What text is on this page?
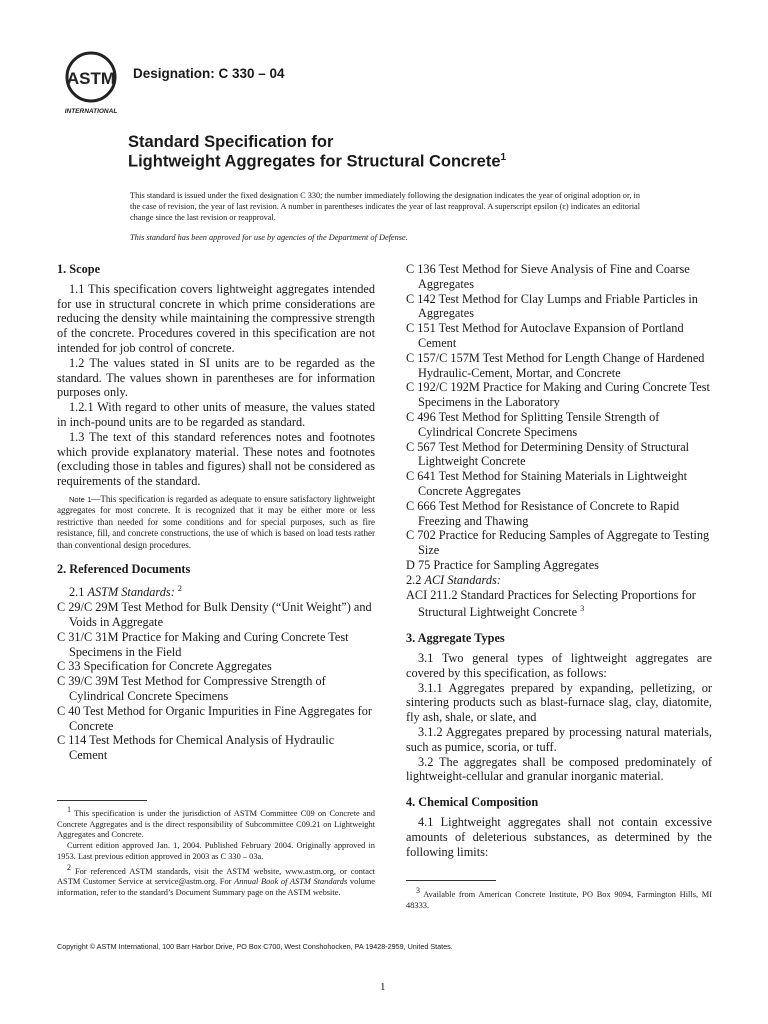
ASTM
INTERNATIONAL
Designation: C 330 – 04
Standard Specification for
Lightweight Aggregates for Structural Concrete$^1$
This standard is issued under the fixed designation C 330; the number immediately following the designation indicates the year of original adoption or, in the case of revision, the year of last revision. A number in parentheses indicates the year of last reapproval. A superscript epsilon (ε) indicates an editorial change since the last revision or reapproval.
This standard has been approved for use by agencies of the Department of Defense.
1. Scope

1.1 This specification covers lightweight aggregates intended for use in structural concrete in which prime considerations are reducing the density while maintaining the compressive strength of the concrete. Procedures covered in this specification are not intended for job control of concrete.

1.2 The values stated in SI units are to be regarded as the standard. The values shown in parentheses are for information purposes only.

1.2.1 With regard to other units of measure, the values stated in inch-pound units are to be regarded as standard.

1.3 The text of this standard references notes and footnotes which provide explanatory material. These notes and footnotes (excluding those in tables and figures) shall not be considered as requirements of the standard.

Note 1—This specification is regarded as adequate to ensure satisfactory lightweight aggregates for most concrete. It is recognized that it may be either more or less restrictive than needed for some conditions and for special purposes, such as fire resistance, fill, and concrete constructions, the use of which is based on load tests rather than conventional design procedures.

2. Referenced Documents

2.1 ASTM Standards: $^2$

C 29/C 29M Test Method for Bulk Density (“Unit Weight”) and Voids in Aggregate

C 31/C 31M Practice for Making and Curing Concrete Test Specimens in the Field

C 33 Specification for Concrete Aggregates

C 39/C 39M Test Method for Compressive Strength of Cylindrical Concrete Specimens

C 40 Test Method for Organic Impurities in Fine Aggregates for Concrete

C 114 Test Methods for Chemical Analysis of Hydraulic Cement

$^1$ This specification is under the jurisdiction of ASTM Committee C09 on Concrete and Concrete Aggregates and is the direct responsibility of Subcommittee C09.21 on Lightweight Aggregates and Concrete.

Current edition approved Jan. 1, 2004. Published February 2004. Originally approved in 1953. Last previous edition approved in 2003 as C 330 – 03a.

$^2$ For referenced ASTM standards, visit the ASTM website, www.astm.org, or contact ASTM Customer Service at service@astm.org. For Annual Book of ASTM Standards volume information, refer to the standard’s Document Summary page on the ASTM website.

C 136 Test Method for Sieve Analysis of Fine and Coarse Aggregates

C 142 Test Method for Clay Lumps and Friable Particles in Aggregates

C 151 Test Method for Autoclave Expansion of Portland Cement

C 157/C 157M Test Method for Length Change of Hardened Hydraulic-Cement, Mortar, and Concrete

C 192/C 192M Practice for Making and Curing Concrete Test Specimens in the Laboratory

C 496 Test Method for Splitting Tensile Strength of Cylindrical Concrete Specimens

C 567 Test Method for Determining Density of Structural Lightweight Concrete

C 641 Test Method for Staining Materials in Lightweight Concrete Aggregates

C 666 Test Method for Resistance of Concrete to Rapid Freezing and Thawing

C 702 Practice for Reducing Samples of Aggregate to Testing Size

D 75 Practice for Sampling Aggregates

2.2 ACI Standards:

ACI 211.2 Standard Practices for Selecting Proportions for Structural Lightweight Concrete $^3$

3. Aggregate Types

3.1 Two general types of lightweight aggregates are covered by this specification, as follows:

3.1.1 Aggregates prepared by expanding, pelletizing, or sintering products such as blast-furnace slag, clay, diatomite, fly ash, shale, or slate, and

3.1.2 Aggregates prepared by processing natural materials, such as pumice, scoria, or tuff.

3.2 The aggregates shall be composed predominately of lightweight-cellular and granular inorganic material.

4. Chemical Composition

4.1 Lightweight aggregates shall not contain excessive amounts of deleterious substances, as determined by the following limits:

$^3$ Available from American Concrete Institute, PO Box 9094, Farmington Hills, MI 48333.

Copyright © ASTM International, 100 Barr Harbor Drive, PO Box C700, West Conshohocken, PA 19428-2959, United States.
1
